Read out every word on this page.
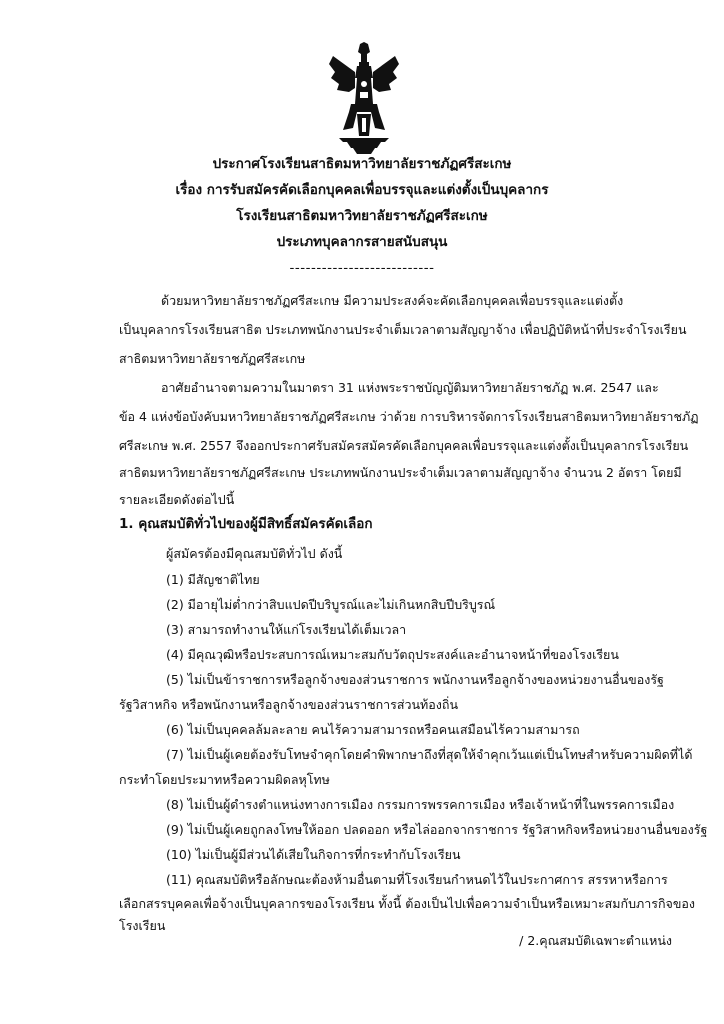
ประกาศโรงเรียนสาธิตมหาวิทยาลัยราชภัฏศรีสะเกษ
เรื่อง การรับสมัครคัดเลือกบุคคลเพื่อบรรจุและแต่งตั้งเป็นบุคลากร
โรงเรียนสาธิตมหาวิทยาลัยราชภัฏศรีสะเกษ
ประเภทบุคลากรสายสนับสนุน
---------------------------
ด้วยมหาวิทยาลัยราชภัฏศรีสะเกษ มีความประสงค์จะคัดเลือกบุคคลเพื่อบรรจุและแต่งตั้ง
เป็นบุคลากรโรงเรียนสาธิต ประเภทพนักงานประจำเต็มเวลาตามสัญญาจ้าง เพื่อปฏิบัติหน้าที่ประจำโรงเรียน
สาธิตมหาวิทยาลัยราชภัฏศรีสะเกษ
อาศัยอำนาจตามความในมาตรา 31 แห่งพระราชบัญญัติมหาวิทยาลัยราชภัฏ พ.ศ. 2547 และ
ข้อ 4 แห่งข้อบังคับมหาวิทยาลัยราชภัฏศรีสะเกษ ว่าด้วย การบริหารจัดการโรงเรียนสาธิตมหาวิทยาลัยราชภัฏ
ศรีสะเกษ พ.ศ. 2557 จึงออกประกาศรับสมัครสมัครคัดเลือกบุคคลเพื่อบรรจุและแต่งตั้งเป็นบุคลากรโรงเรียน
สาธิตมหาวิทยาลัยราชภัฏศรีสะเกษ ประเภทพนักงานประจำเต็มเวลาตามสัญญาจ้าง จำนวน 2 อัตรา โดยมี
รายละเอียดดังต่อไปนี้
1. คุณสมบัติทั่วไปของผู้มีสิทธิ์สมัครคัดเลือก
ผู้สมัครต้องมีคุณสมบัติทั่วไป ดังนี้
(1) มีสัญชาติไทย
(2) มีอายุไม่ต่ำกว่าสิบแปดปีบริบูรณ์และไม่เกินหกสิบปีบริบูรณ์
(3) สามารถทำงานให้แก่โรงเรียนได้เต็มเวลา
(4) มีคุณวุฒิหรือประสบการณ์เหมาะสมกับวัตถุประสงค์และอำนาจหน้าที่ของโรงเรียน
(5) ไม่เป็นข้าราชการหรือลูกจ้างของส่วนราชการ พนักงานหรือลูกจ้างของหน่วยงานอื่นของรัฐ
รัฐวิสาหกิจ หรือพนักงานหรือลูกจ้างของส่วนราชการส่วนท้องถิ่น
(6) ไม่เป็นบุคคลล้มละลาย คนไร้ความสามารถหรือคนเสมือนไร้ความสามารถ
(7) ไม่เป็นผู้เคยต้องรับโทษจำคุกโดยคำพิพากษาถึงที่สุดให้จำคุกเว้นแต่เป็นโทษสำหรับความผิดที่ได้
กระทำโดยประมาทหรือความผิดลหุโทษ
(8) ไม่เป็นผู้ดำรงตำแหน่งทางการเมือง กรรมการพรรคการเมือง หรือเจ้าหน้าที่ในพรรคการเมือง
(9) ไม่เป็นผู้เคยถูกลงโทษให้ออก ปลดออก หรือไล่ออกจากราชการ รัฐวิสาหกิจหรือหน่วยงานอื่นของรัฐ
(10) ไม่เป็นผู้มีส่วนได้เสียในกิจการที่กระทำกับโรงเรียน
(11) คุณสมบัติหรือลักษณะต้องห้ามอื่นตามที่โรงเรียนกำหนดไว้ในประกาศการ สรรหาหรือการ
เลือกสรรบุคคลเพื่อจ้างเป็นบุคลากรของโรงเรียน ทั้งนี้ ต้องเป็นไปเพื่อความจำเป็นหรือเหมาะสมกับภารกิจของ
โรงเรียน
/ 2.คุณสมบัติเฉพาะตำแหน่ง
